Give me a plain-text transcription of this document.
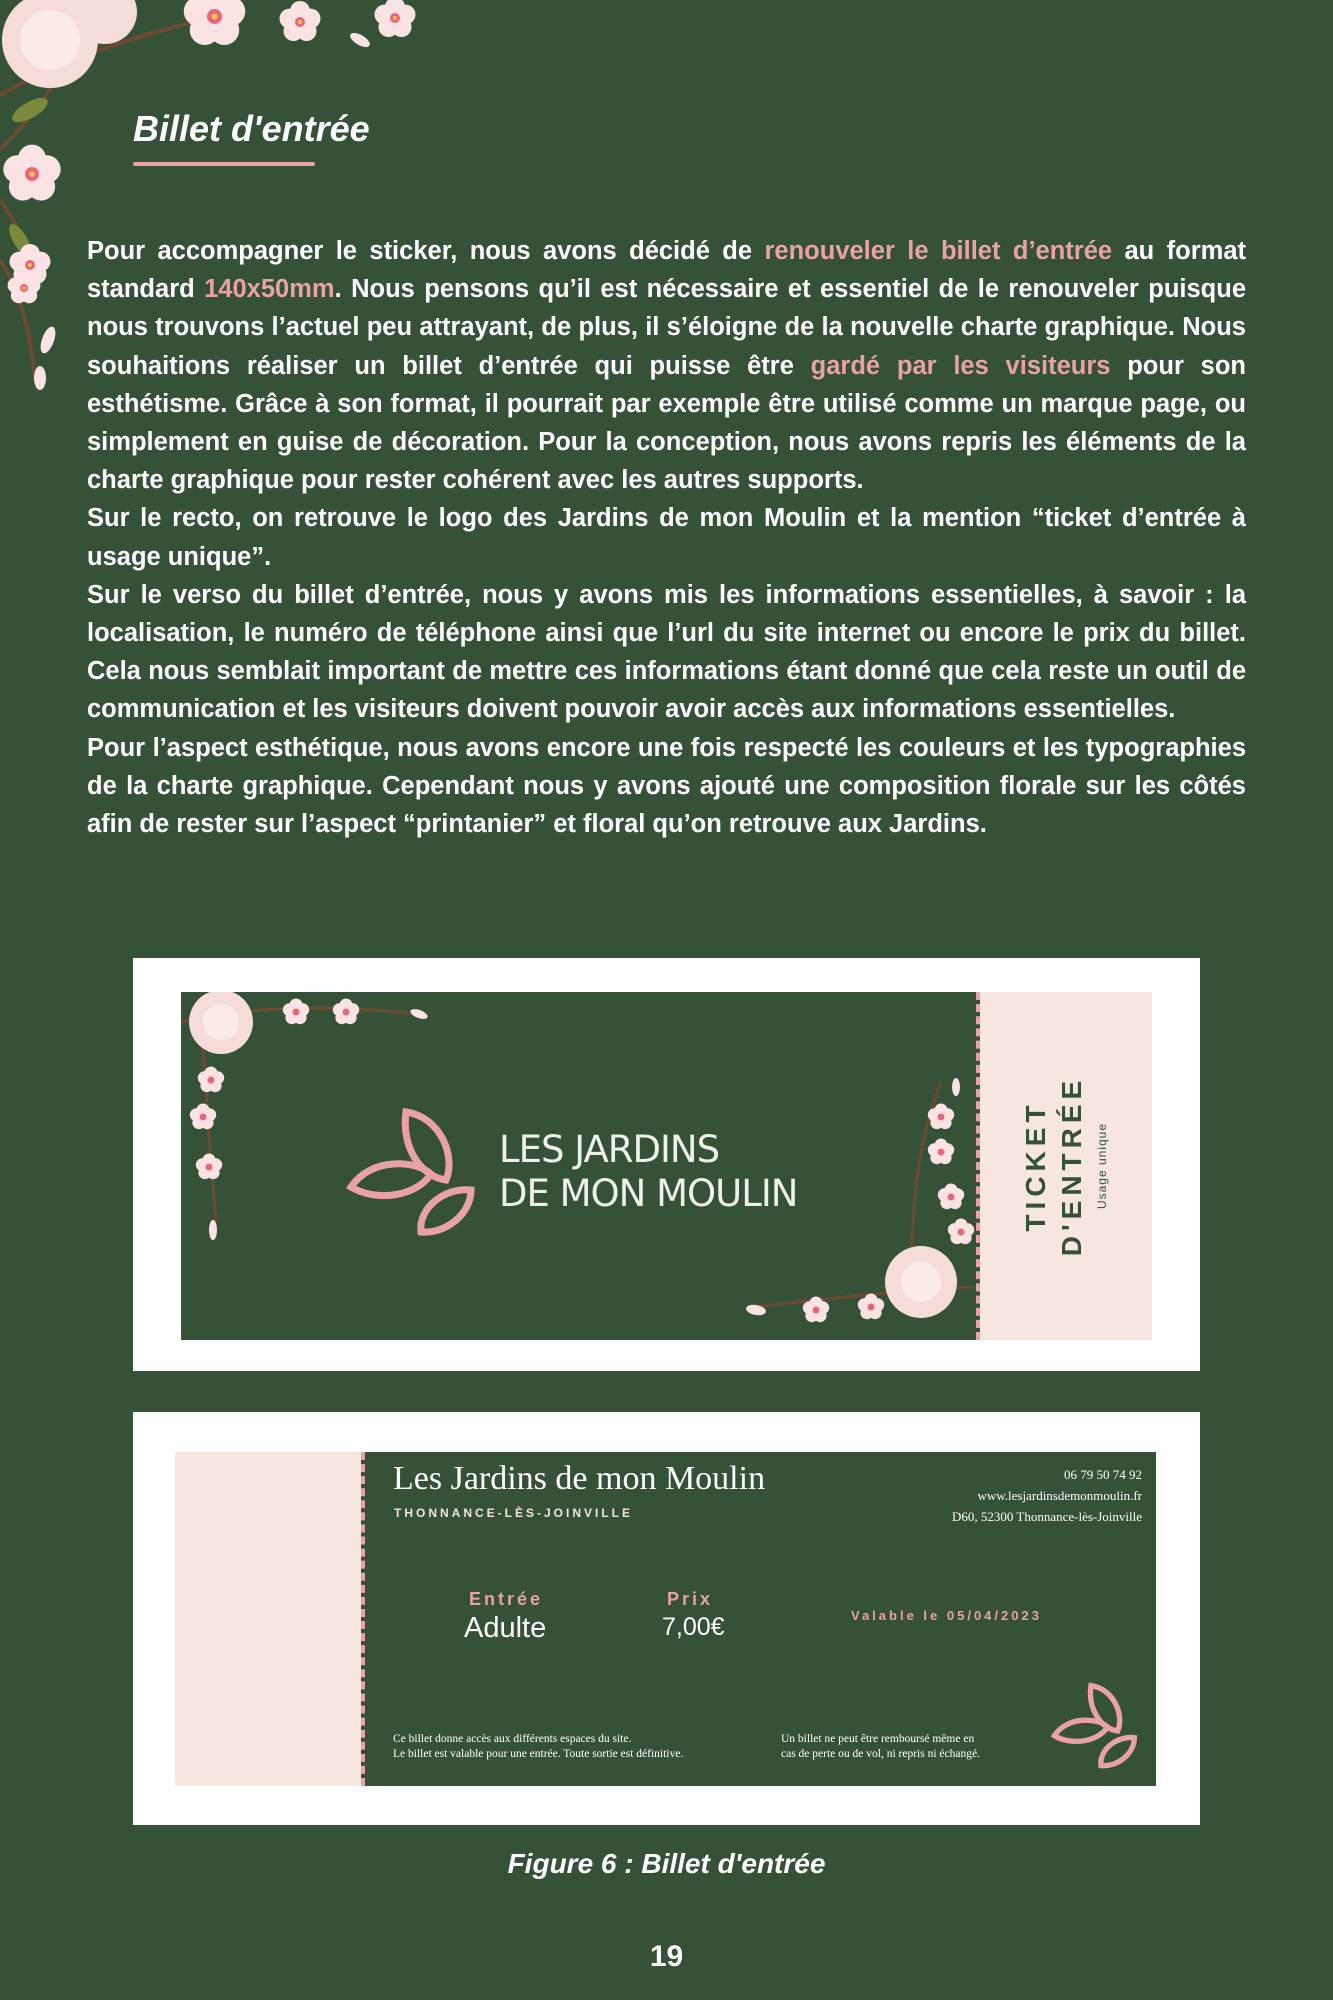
Billet d'entrée

Pour accompagner le sticker, nous avons décidé de renouveler le billet d’entrée au format standard 140x50mm. Nous pensons qu’il est nécessaire et essentiel de le renouveler puisque nous trouvons l’actuel peu attrayant, de plus, il s’éloigne de la nouvelle charte graphique. Nous souhaitions réaliser un billet d’entrée qui puisse être gardé par les visiteurs pour son esthétisme. Grâce à son format, il pourrait par exemple être utilisé comme un marque page, ou simplement en guise de décoration. Pour la conception, nous avons repris les éléments de la charte graphique pour rester cohérent avec les autres supports.

Sur le recto, on retrouve le logo des Jardins de mon Moulin et la mention “ticket d’entrée à usage unique”.

Sur le verso du billet d’entrée, nous y avons mis les informations essentielles, à savoir : la localisation, le numéro de téléphone ainsi que l’url du site internet ou encore le prix du billet. Cela nous semblait important de mettre ces informations étant donné que cela reste un outil de communication et les visiteurs doivent pouvoir avoir accès aux informations essentielles.

Pour l’aspect esthétique, nous avons encore une fois respecté les couleurs et les typographies de la charte graphique. Cependant nous y avons ajouté une composition florale sur les côtés afin de rester sur l’aspect “printanier” et floral qu’on retrouve aux Jardins.

LES JARDINS
DE MON MOULIN	TICKET D'ENTRÉE Usage unique
Les Jardins de mon Moulin
THONNANCE-LÈS-JOINVILLE
06 79 50 74 92
www.lesjardinsdemonmoulin.fr
D60, 52300 Thonnance-lès-Joinville
Entrée
Adulte
Prix
7,00€	Valable le 05/04/2023
Ce billet donne accès aux différents espaces du site.
Le billet est valable pour une entrée. Toute sortie est définitive.
Un billet ne peut être remboursé même en
cas de perte ou de vol, ni repris ni échangé.
Figure 6 : Billet d'entrée
19
